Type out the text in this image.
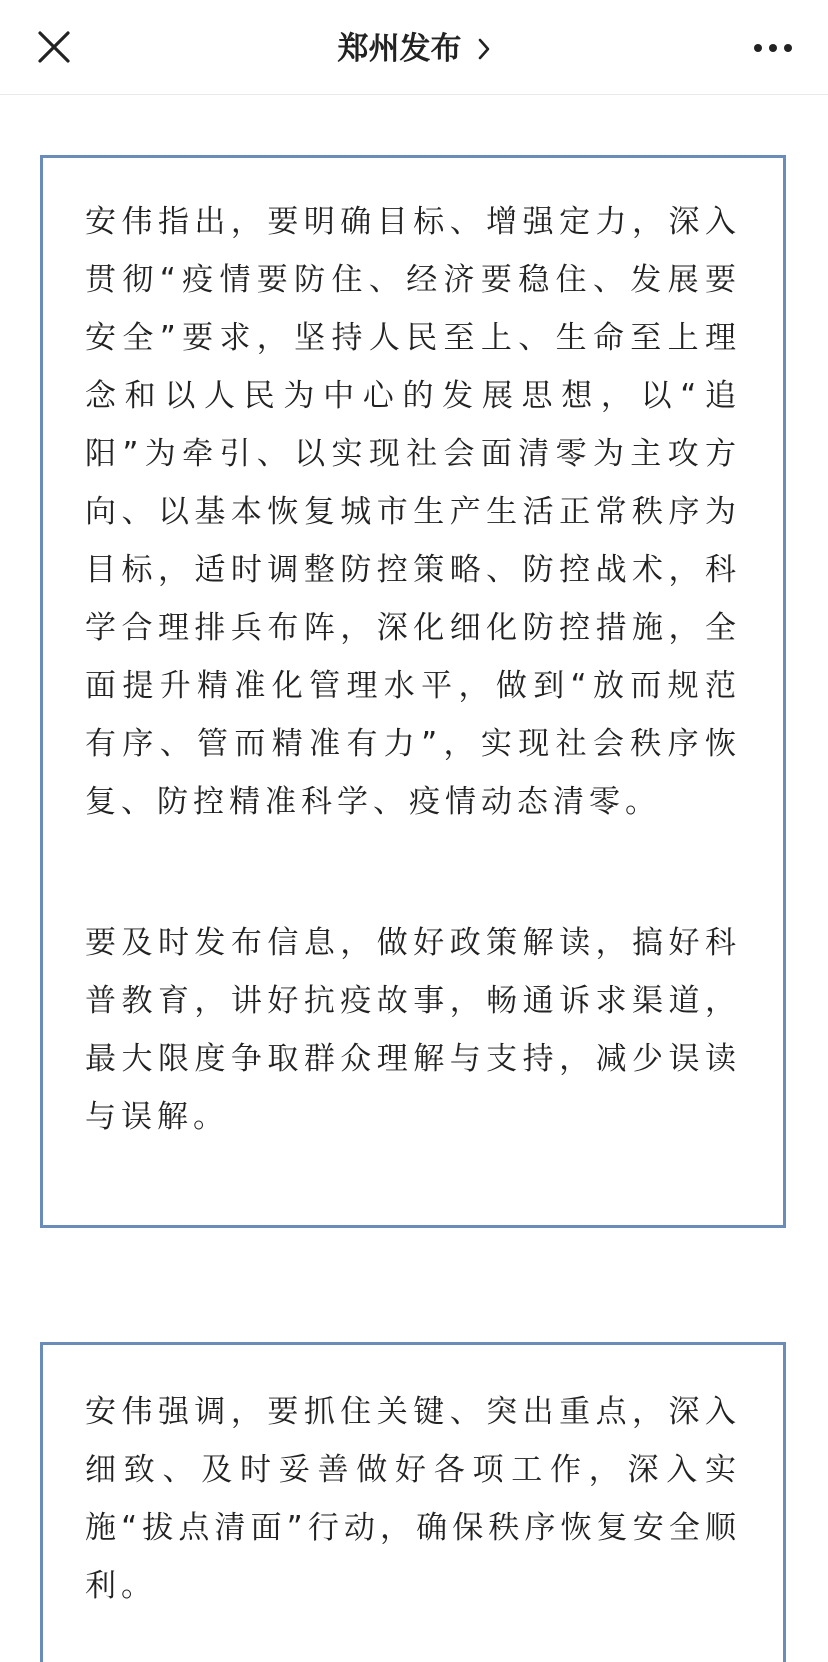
郑州发布

安伟指出，要明确目标、增强定力，深入贯彻“疫情要防住、经济要稳住、发展要安全”要求，坚持人民至上、生命至上理念和以人民为中心的发展思想，以“追阳”为牵引、以实现社会面清零为主攻方向、以基本恢复城市生产生活正常秩序为目标，适时调整防控策略、防控战术，科学合理排兵布阵，深化细化防控措施，全面提升精准化管理水平，做到“放而规范有序、管而精准有力”，实现社会秩序恢复、防控精准科学、疫情动态清零。

要及时发布信息，做好政策解读，搞好科普教育，讲好抗疫故事，畅通诉求渠道，最大限度争取群众理解与支持，减少误读与误解。

安伟强调，要抓住关键、突出重点，深入细致、及时妥善做好各项工作，深入实施“拔点清面”行动，确保秩序恢复安全顺利。
